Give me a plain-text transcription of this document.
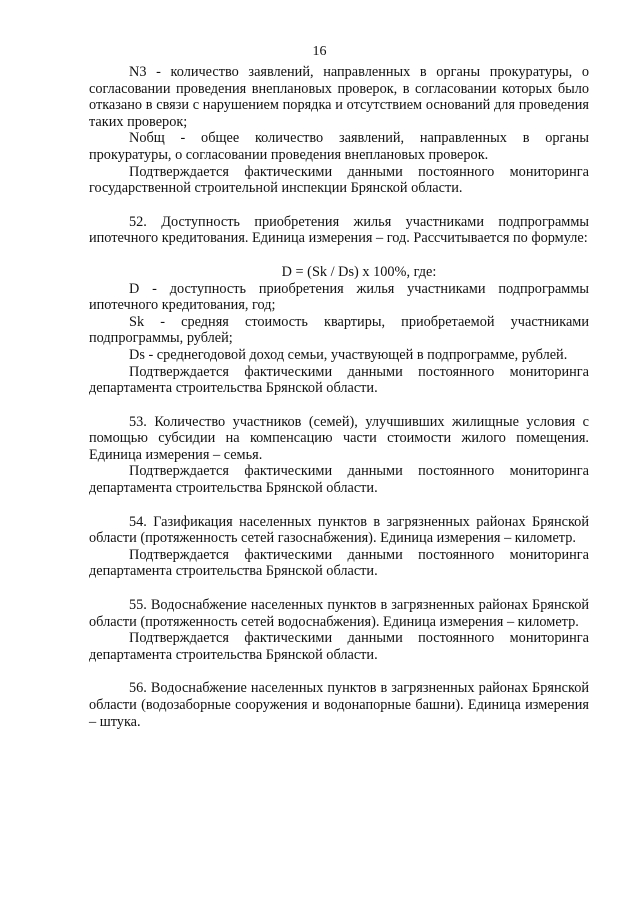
16

N3 - количество заявлений, направленных в органы прокуратуры, о согласовании проведения внеплановых проверок, в согласовании которых было отказано в связи с нарушением порядка и отсутствием оснований для проведения таких проверок;

Nобщ - общее количество заявлений, направленных в органы прокуратуры, о согласовании проведения внеплановых проверок.

Подтверждается фактическими данными постоянного мониторинга государственной строительной инспекции Брянской области.

52. Доступность приобретения жилья участниками подпрограммы ипотечного кредитования. Единица измерения – год. Рассчитывается по формуле:

D = (Sk / Ds) x 100%, где:

D - доступность приобретения жилья участниками подпрограммы ипотечного кредитования, год;

Sk - средняя стоимость квартиры, приобретаемой участниками подпрограммы, рублей;

Ds - среднегодовой доход семьи, участвующей в подпрограмме, рублей.

Подтверждается фактическими данными постоянного мониторинга департамента строительства Брянской области.

53. Количество участников (семей), улучшивших жилищные условия с помощью субсидии на компенсацию части стоимости жилого помещения. Единица измерения – семья.

Подтверждается фактическими данными постоянного мониторинга департамента строительства Брянской области.

54. Газификация населенных пунктов в загрязненных районах Брянской области (протяженность сетей газоснабжения). Единица измерения – километр.

Подтверждается фактическими данными постоянного мониторинга департамента строительства Брянской области.

55. Водоснабжение населенных пунктов в загрязненных районах Брянской области (протяженность сетей водоснабжения). Единица измерения – километр.

Подтверждается фактическими данными постоянного мониторинга департамента строительства Брянской области.

56. Водоснабжение населенных пунктов в загрязненных районах Брянской области (водозаборные сооружения и водонапорные башни). Единица измерения – штука.
